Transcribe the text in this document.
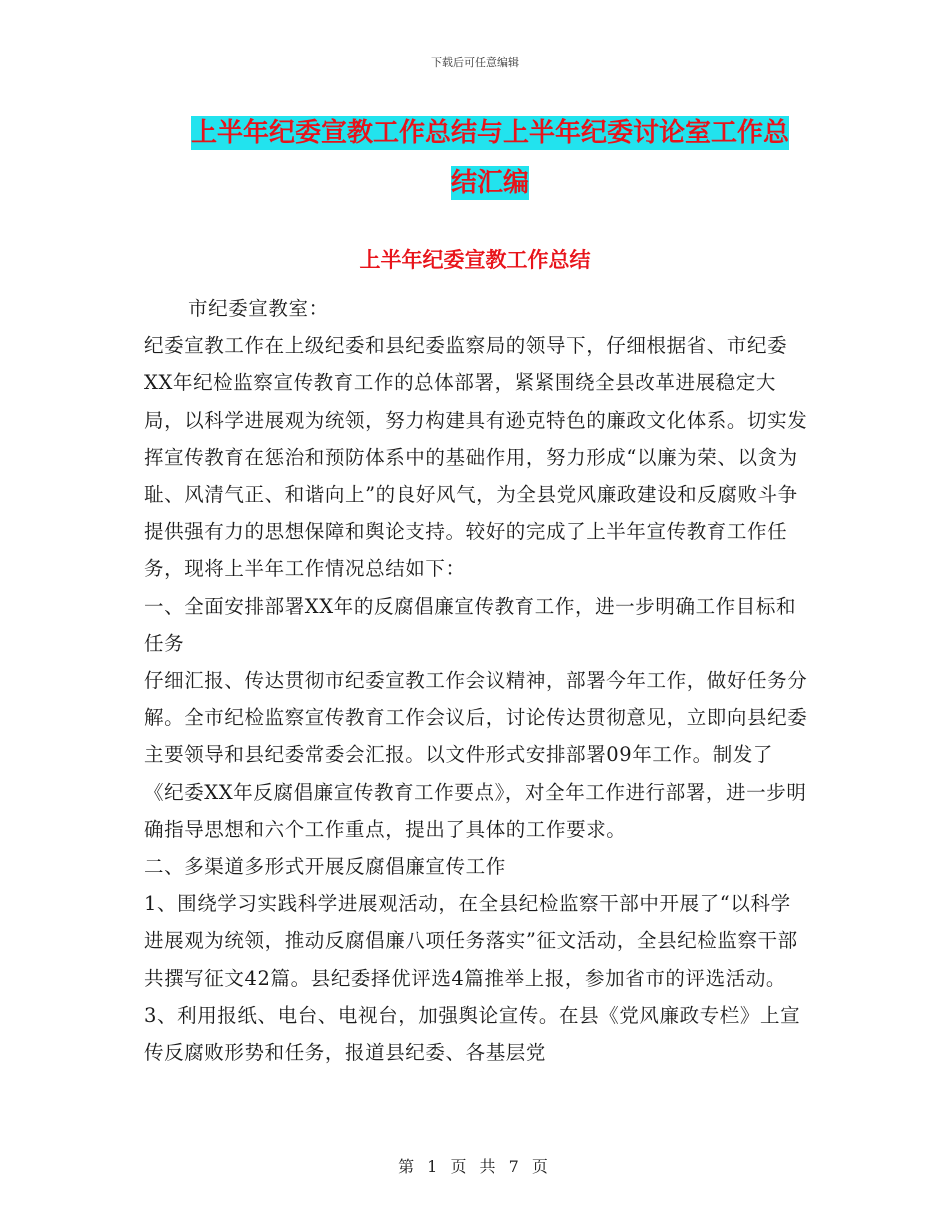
下载后可任意编辑
上半年纪委宣教工作总结与上半年纪委讨论室工作总
结汇编
上半年纪委宣教工作总结

市纪委宣教室：

纪委宣教工作在上级纪委和县纪委监察局的领导下，仔细根据省、市纪委XX年纪检监察宣传教育工作的总体部署，紧紧围绕全县改革进展稳定大局，以科学进展观为统领，努力构建具有逊克特色的廉政文化体系。切实发挥宣传教育在惩治和预防体系中的基础作用，努力形成“以廉为荣、以贪为耻、风清气正、和谐向上”的良好风气，为全县党风廉政建设和反腐败斗争提供强有力的思想保障和舆论支持。较好的完成了上半年宣传教育工作任务，现将上半年工作情况总结如下：

一、全面安排部署XX年的反腐倡廉宣传教育工作，进一步明确工作目标和任务

仔细汇报、传达贯彻市纪委宣教工作会议精神，部署今年工作，做好任务分解。全市纪检监察宣传教育工作会议后，讨论传达贯彻意见，立即向县纪委主要领导和县纪委常委会汇报。以文件形式安排部署09年工作。制发了《纪委XX年反腐倡廉宣传教育工作要点》，对全年工作进行部署，进一步明确指导思想和六个工作重点，提出了具体的工作要求。

二、多渠道多形式开展反腐倡廉宣传工作

1、围绕学习实践科学进展观活动，在全县纪检监察干部中开展了“以科学进展观为统领，推动反腐倡廉八项任务落实”征文活动，全县纪检监察干部共撰写征文42篇。县纪委择优评选4篇推举上报，参加省市的评选活动。 3、利用报纸、电台、电视台，加强舆论宣传。在县《党风廉政专栏》上宣传反腐败形势和任务，报道县纪委、各基层党

第 1 页 共 7 页
